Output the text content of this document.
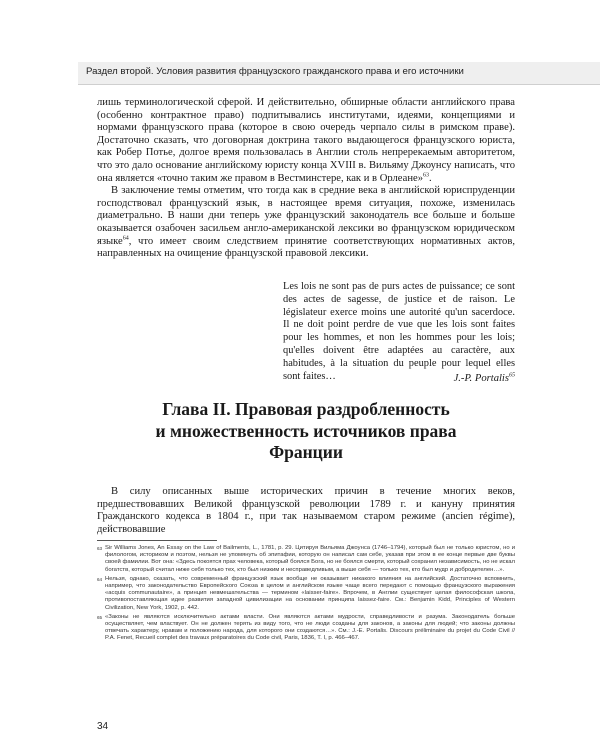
Раздел второй. Условия развития французского гражданского права и его источники

лишь терминологической сферой. И действительно, обширные области английского права (особенно контрактное право) подпитывались институтами, идеями, концепциями и нормами французского права (которое в свою очередь черпало силы в римском праве). Достаточно сказать, что договорная доктрина такого выдающегося французского юриста, как Робер Потье, долгое время пользовалась в Англии столь непререкаемым авторитетом, что это дало основание английскому юристу конца XVIII в. Вильяму Джоунсу написать, что она является «точно таким же правом в Вестминстере, как и в Орлеане»$^{63}$.

В заключение темы отметим, что тогда как в средние века в английской юриспруденции господствовал французский язык, в настоящее время ситуация, похоже, изменилась диаметрально. В наши дни теперь уже французский законодатель все больше и больше оказывается озабочен засильем англо-американской лексики во французском юридическом языке$^{64}$, что имеет своим следствием принятие соответствующих нормативных актов, направленных на очищение французской правовой лексики.

Les lois ne sont pas de purs actes de puissance; ce sont des actes de sagesse, de justice et de raison. Le législateur exerce moins une autorité qu'un sacerdoce. Il ne doit point perdre de vue que les lois sont faites pour les hommes, et non les hommes pour les lois; qu'elles doivent être adaptées au caractère, aux habitudes, à la situation du peuple pour lequel elles sont faites…	J.-P. Portalis$^{65}$
Глава II. Правовая раздробленность
и множественность источников права
Франции

В силу описанных выше исторических причин в течение многих веков, предшествовавших Великой французской революции 1789 г. и кануну принятия Гражданского кодекса в 1804 г., при так называемом старом режиме (ancien régime), действовавшие

63 Sir Williams Jones, An Essay on the Law of Bailments, L., 1781, p. 29. Цитируя Вильяма Джоунса (1746–1794), который был не только юристом, но и филологом, историком и поэтом, нельзя не упомянуть об эпитафии, которую он написал сам себе, указав при этом в ее конце первые две буквы своей фамилии. Вот она: «Здесь покоятся прах человека, который боялся Бога, но не боялся смерти, который сохранил независимость, но не искал богатств, который считал ниже себя только тех, кто был низким и несправедливым, а выше себя — только тех, кто был мудр и добродетелен…».

64 Нельзя, однако, сказать, что современный французский язык вообще не оказывает никакого влияния на английский. Достаточно вспомнить, например, что законодательство Европейского Союза в целом и английском языке чаще всего передают с помощью французского выражения «acquis communautaire», а принцип невмешательства — термином «laisser-faire». Впрочем, в Англии существует целая философская школа, противопоставляющая идее развития западной цивилизации на основании принципа laissez-faire. См.: Benjamin Kidd, Principles of Western Civilization, New York, 1902, p. 442.

65 «Законы не являются исключительно актами власти. Они являются актами мудрости, справедливости и разума. Законодатель больше осуществляет, чем властвует. Он не должен терять из виду того, что не люди созданы для законов, а законы для людей; что законы должны отвечать характеру, нравам и положению народа, для которого они создаются…». См.: J.-E. Portalis. Discours préliminaire du projet du Code Civil // P.A. Fenet, Recueil complet des travaux préparatoires du Code civil, Paris, 1836, T. I, p. 466–467.

34
